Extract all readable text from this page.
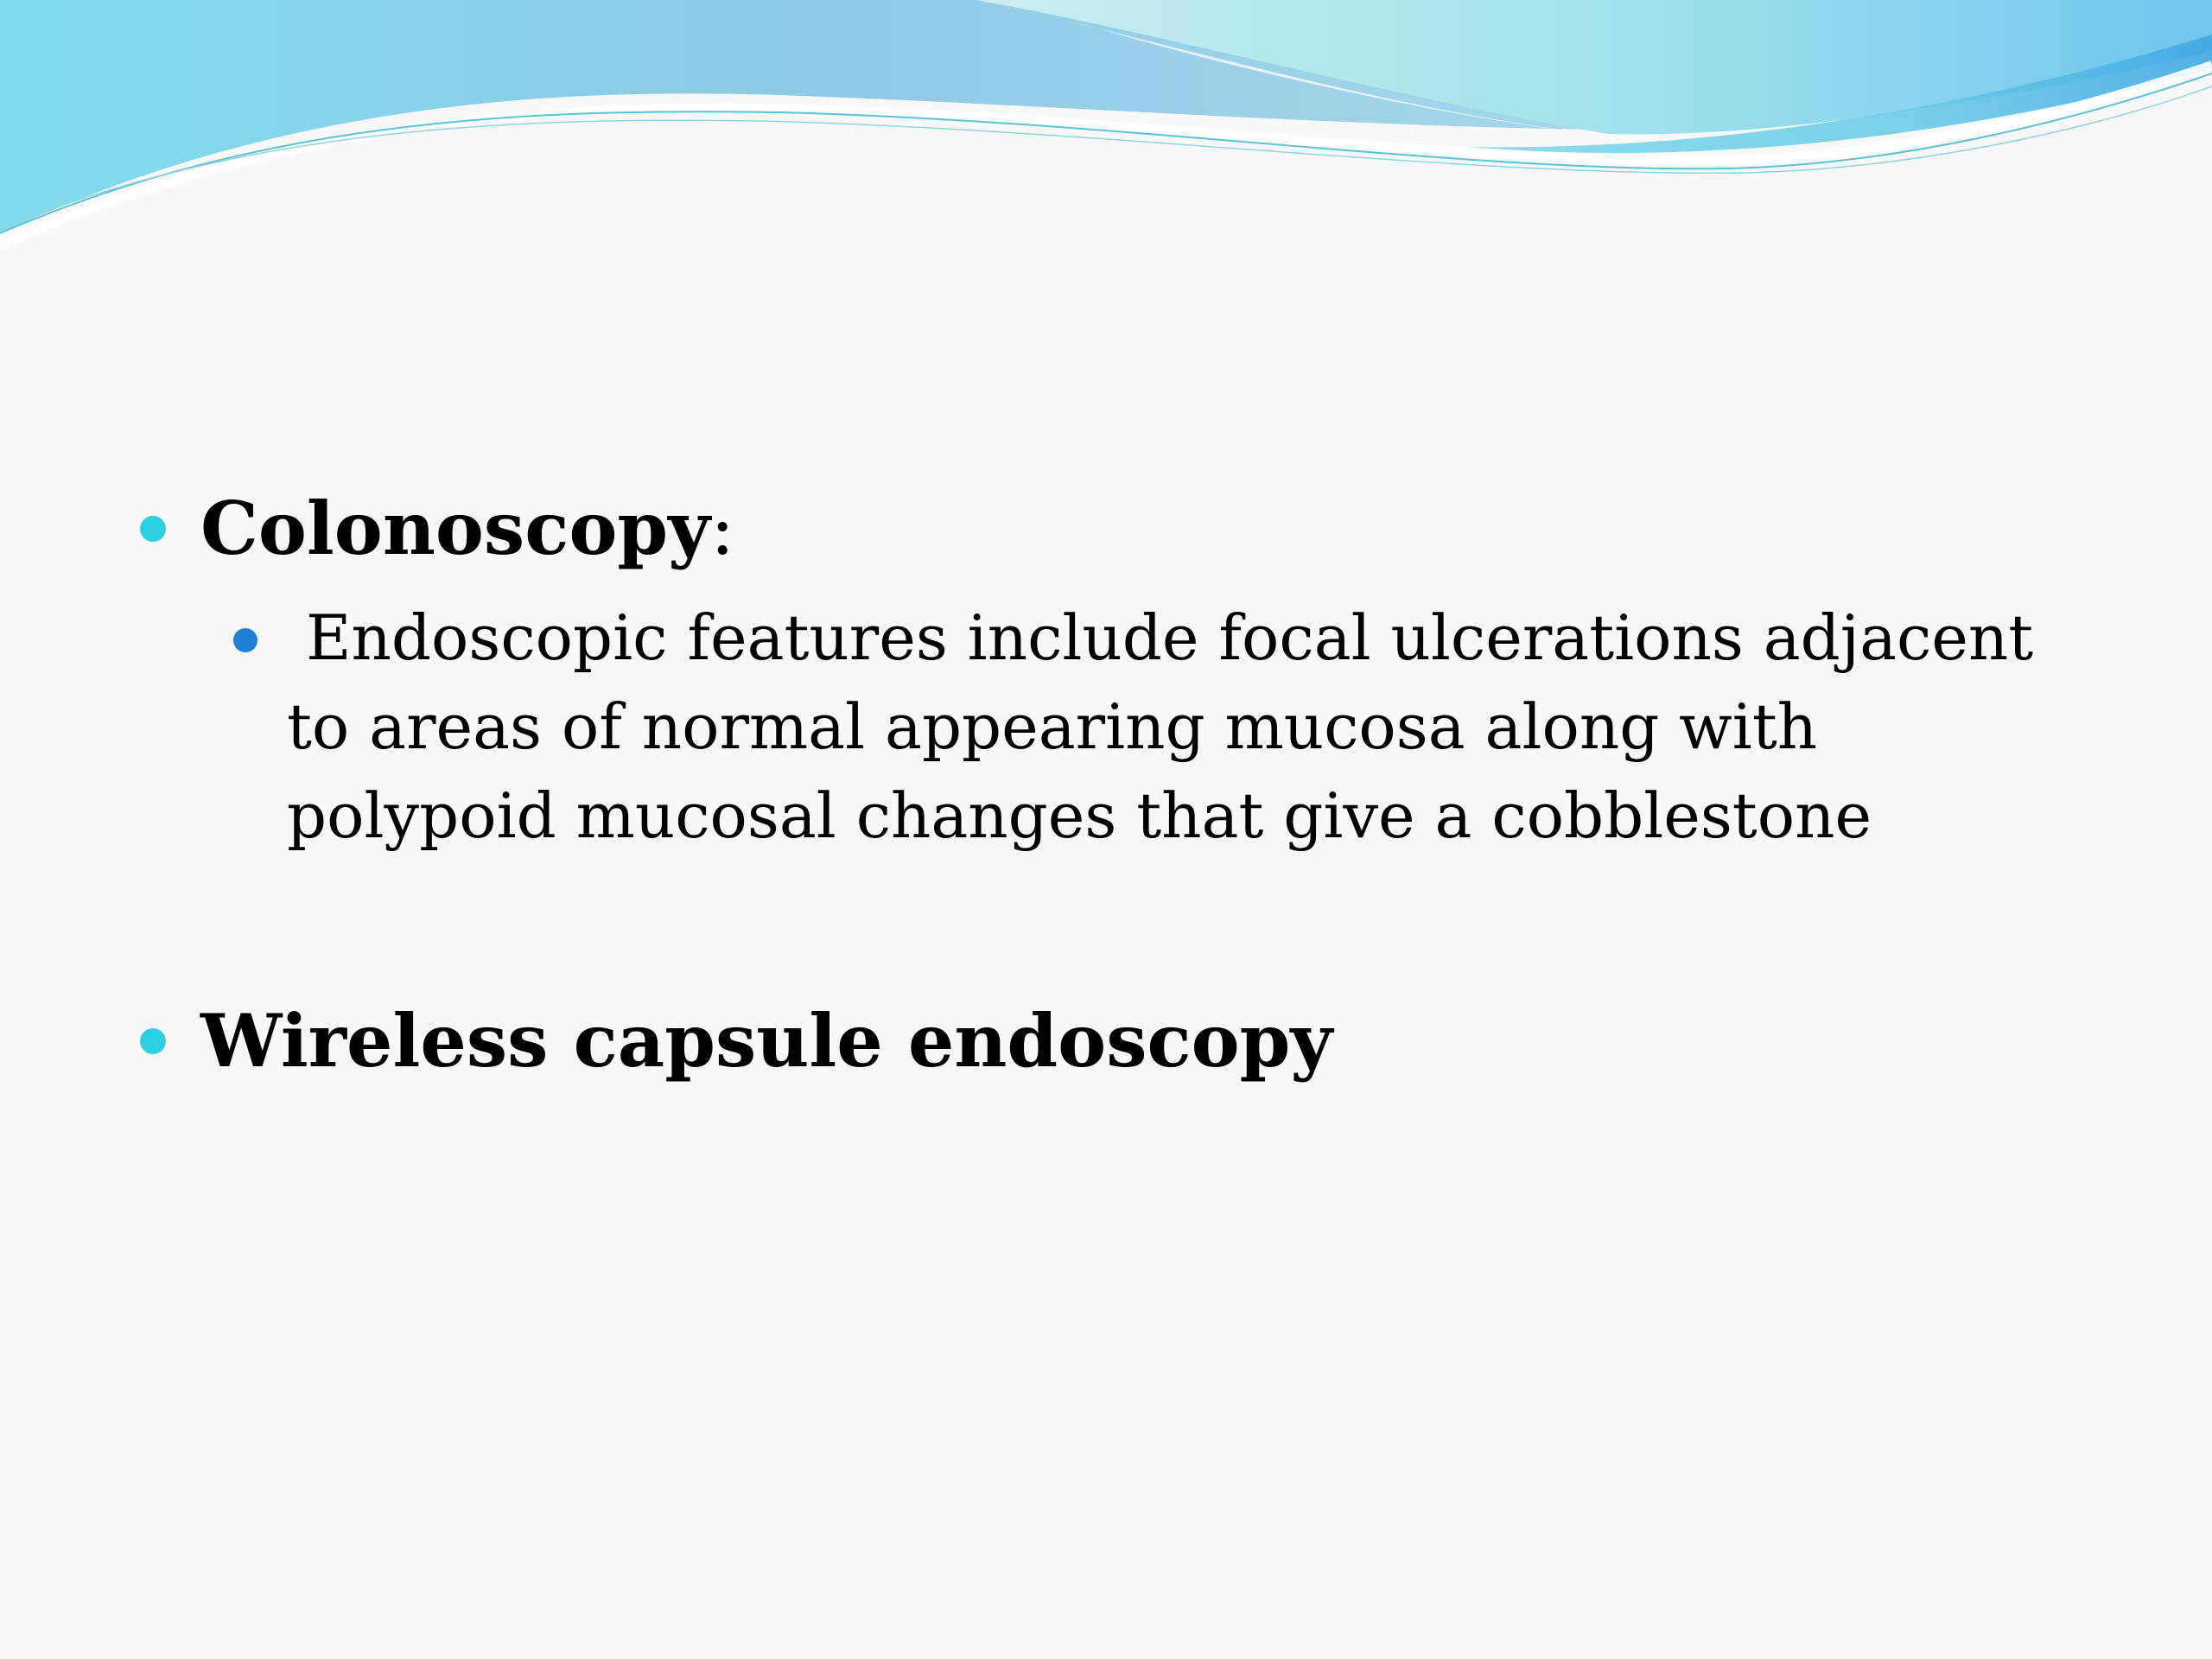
Colonoscopy:
Endoscopic features include focal ulcerations adjacent
to areas of normal appearing mucosa along with
polypoid mucosal changes that give a cobblestone
Wireless capsule endoscopy
